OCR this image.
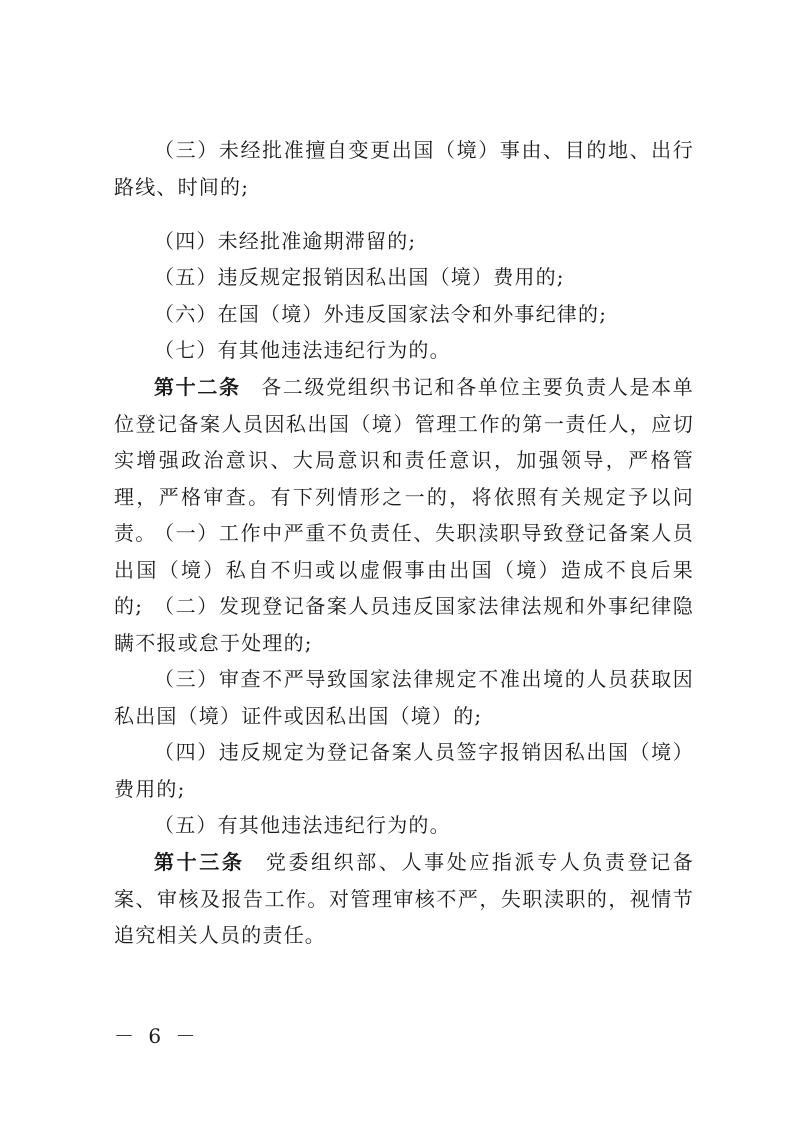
（三）未经批准擅自变更出国（境）事由、目的地、出行路线、时间的;

（四）未经批准逾期滞留的;

（五）违反规定报销因私出国（境）费用的;

（六）在国（境）外违反国家法令和外事纪律的;

（七）有其他违法违纪行为的。

第十二条 各二级党组织书记和各单位主要负责人是本单位登记备案人员因私出国（境）管理工作的第一责任人，应切实增强政治意识、大局意识和责任意识，加强领导，严格管理，严格审查。有下列情形之一的，将依照有关规定予以问责。

（一）工作中严重不负责任、失职渎职导致登记备案人员出国（境）私自不归或以虚假事由出国（境）造成不良后果的; （二）发现登记备案人员违反国家法律法规和外事纪律隐瞒不报或怠于处理的;

（三）审查不严导致国家法律规定不准出境的人员获取因私出国（境）证件或因私出国（境）的;

（四）违反规定为登记备案人员签字报销因私出国（境）费用的;

（五）有其他违法违纪行为的。

第十三条 党委组织部、人事处应指派专人负责登记备案、审核及报告工作。对管理审核不严，失职渎职的，视情节追究相关人员的责任。

－ 6 －
